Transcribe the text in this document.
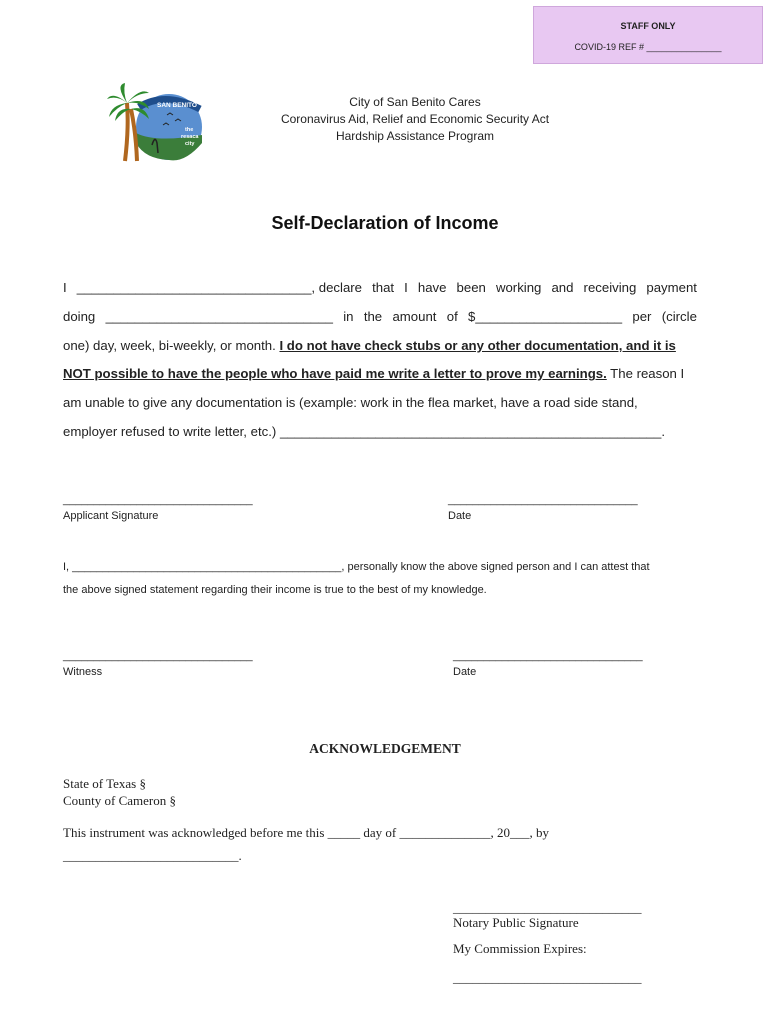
STAFF ONLY
COVID-19 REF # _______________
SAN BENITO
the
resaca
city
City of San Benito Cares
Coronavirus Aid, Relief and Economic Security Act
Hardship Assistance Program
Self-Declaration of Income
I ________________________________, declare that I have been working and receiving payment
doing _______________________________ in the amount of $____________________ per (circle
one) day, week, bi-weekly, or month. I do not have check stubs or any other documentation, and it is
NOT possible to have the people who have paid me write a letter to prove my earnings. The reason I
am unable to give any documentation is (example: work in the flea market, have a road side stand,
employer refused to write letter, etc.) ____________________________________________________.
_______________________________	_______________________________
Applicant Signature	Date
I, ____________________________________________, personally know the above signed person and I can attest that
the above signed statement regarding their income is true to the best of my knowledge.
_______________________________	_______________________________
Witness	Date
ACKNOWLEDGEMENT
State of Texas §
County of Cameron §
This instrument was acknowledged before me this _____ day of ______________, 20___, by
___________________________.
_____________________________
Notary Public Signature
My Commission Expires:
_____________________________
